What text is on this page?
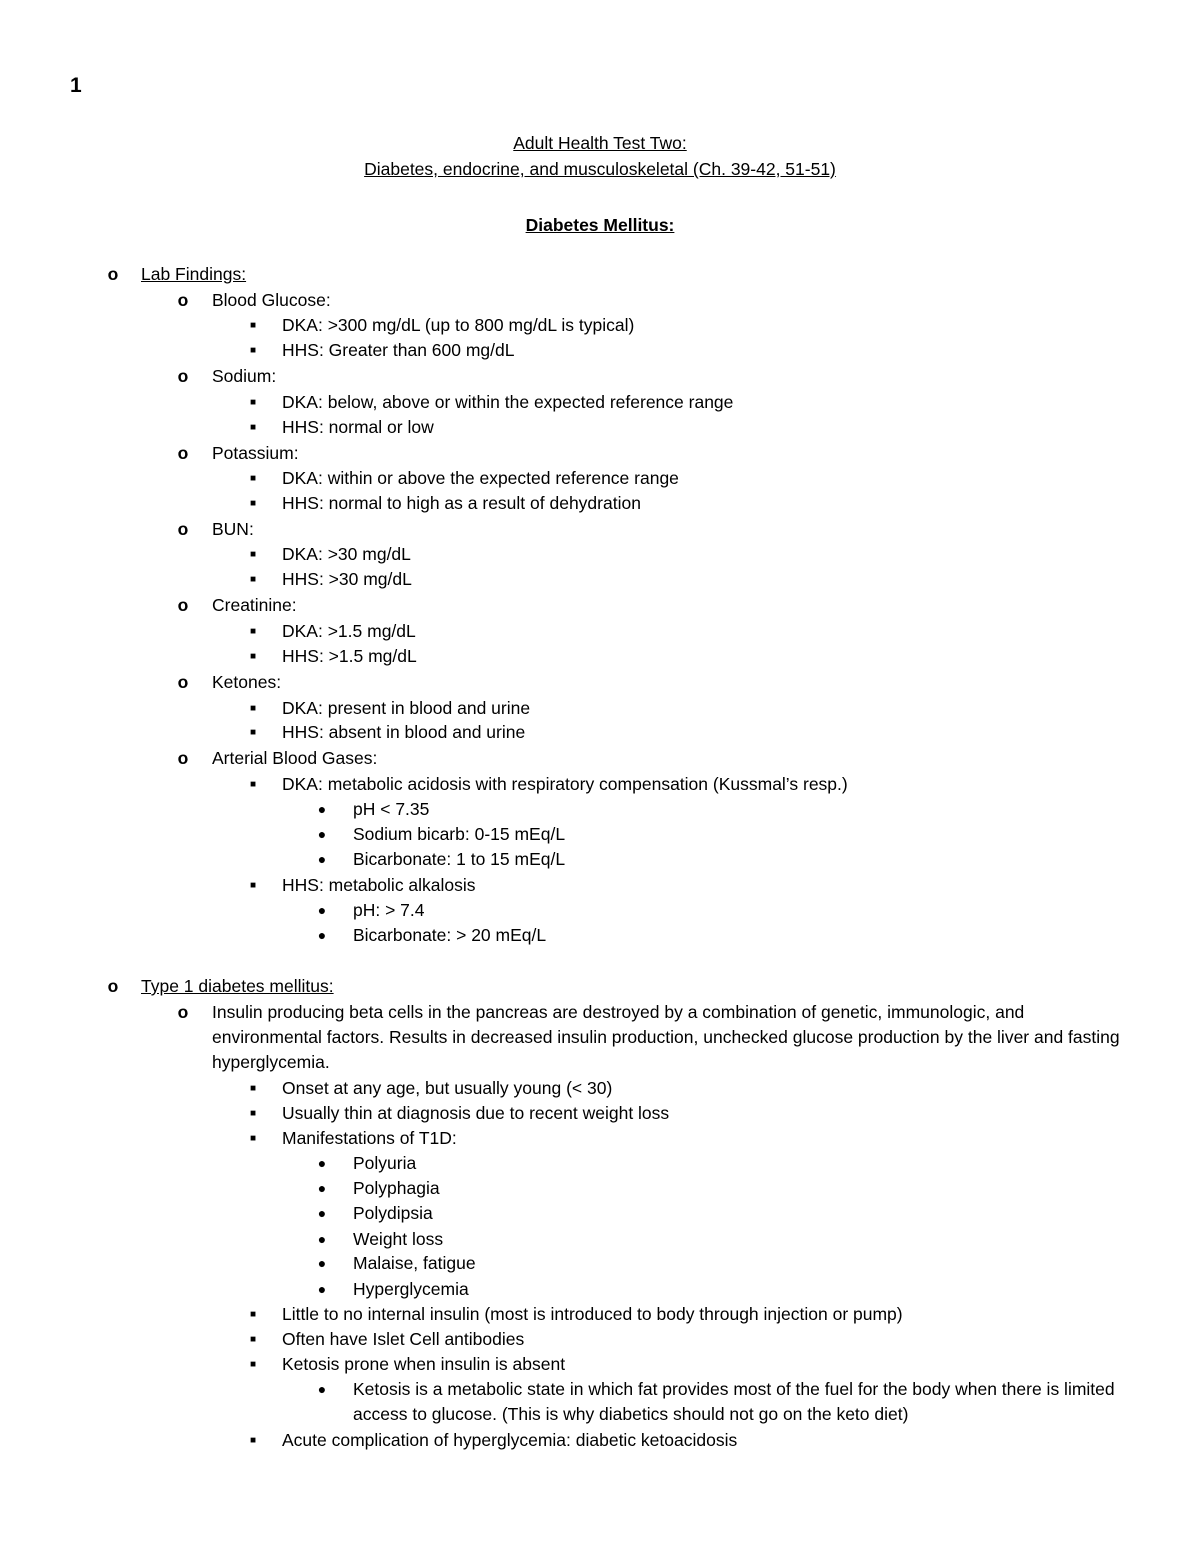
1
Adult Health Test Two:
Diabetes, endocrine, and musculoskeletal (Ch. 39-42, 51-51)
Diabetes Mellitus:
o Lab Findings:
o Blood Glucose:
■ DKA: >300 mg/dL (up to 800 mg/dL is typical)
■ HHS: Greater than 600 mg/dL
o Sodium:
■ DKA: below, above or within the expected reference range
■ HHS: normal or low
o Potassium:
■ DKA: within or above the expected reference range
■ HHS: normal to high as a result of dehydration
o BUN:
■ DKA: >30 mg/dL
■ HHS: >30 mg/dL
o Creatinine:
■ DKA: >1.5 mg/dL
■ HHS: >1.5 mg/dL
o Ketones:
■ DKA: present in blood and urine
■ HHS: absent in blood and urine
o Arterial Blood Gases:
■ DKA: metabolic acidosis with respiratory compensation (Kussmal’s resp.)
● pH < 7.35
● Sodium bicarb: 0-15 mEq/L
● Bicarbonate: 1 to 15 mEq/L
■ HHS: metabolic alkalosis
● pH: > 7.4
● Bicarbonate: > 20 mEq/L
o Type 1 diabetes mellitus:
o Insulin producing beta cells in the pancreas are destroyed by a combination of genetic, immunologic, and environmental factors. Results in decreased insulin production, unchecked glucose production by the liver and fasting hyperglycemia.
■ Onset at any age, but usually young (< 30)
■ Usually thin at diagnosis due to recent weight loss
■ Manifestations of T1D:
● Polyuria
● Polyphagia
● Polydipsia
● Weight loss
● Malaise, fatigue
● Hyperglycemia
■ Little to no internal insulin (most is introduced to body through injection or pump)
■ Often have Islet Cell antibodies
■ Ketosis prone when insulin is absent
● Ketosis is a metabolic state in which fat provides most of the fuel for the body when there is limited access to glucose. (This is why diabetics should not go on the keto diet)
■ Acute complication of hyperglycemia: diabetic ketoacidosis
